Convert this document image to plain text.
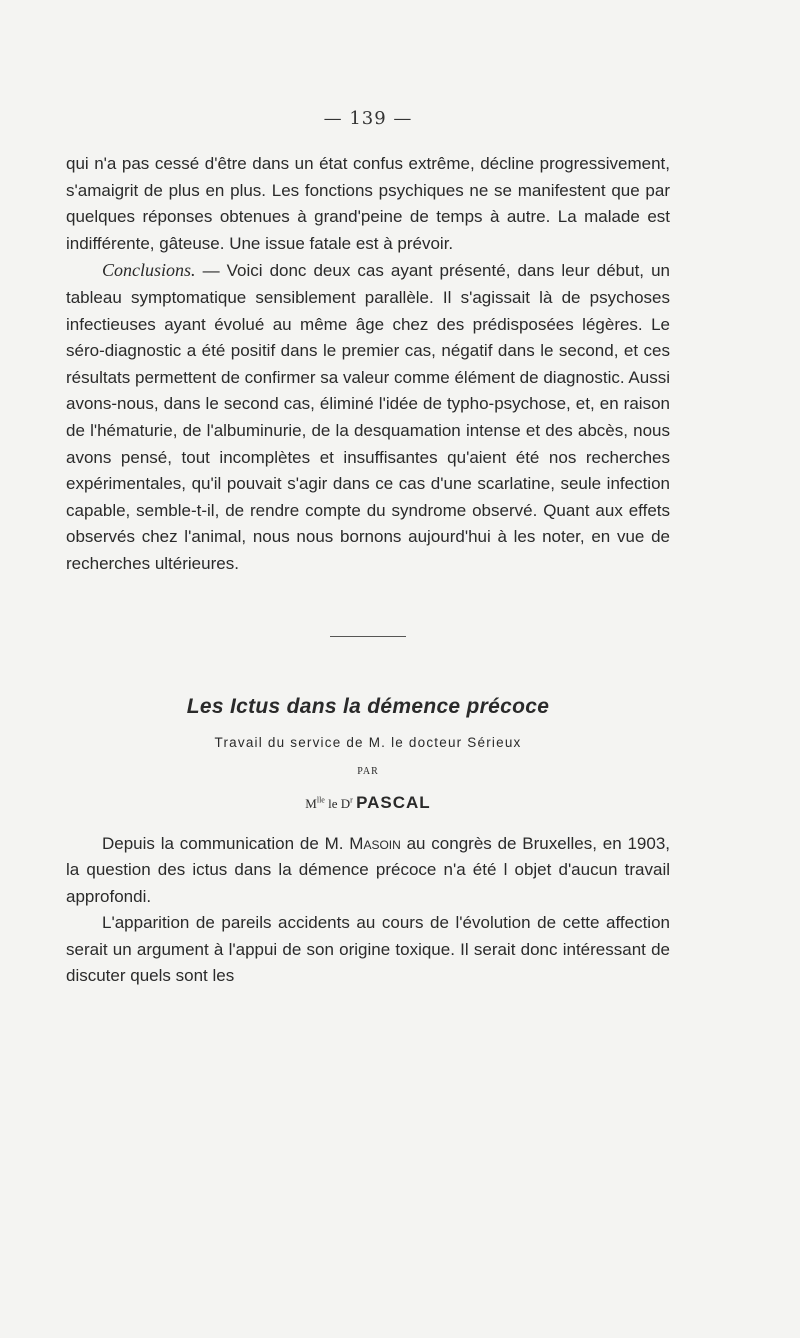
— 139 —

qui n'a pas cessé d'être dans un état confus extrême, décline progressivement, s'amaigrit de plus en plus. Les fonctions psychiques ne se manifestent que par quelques réponses obtenues à grand'peine de temps à autre. La malade est indifférente, gâteuse. Une issue fatale est à prévoir.

Conclusions. — Voici donc deux cas ayant présenté, dans leur début, un tableau symptomatique sensiblement parallèle. Il s'agissait là de psychoses infectieuses ayant évolué au même âge chez des prédisposées légères. Le séro-diagnostic a été positif dans le premier cas, négatif dans le second, et ces résultats permettent de confirmer sa valeur comme élément de diagnostic. Aussi avons-nous, dans le second cas, éliminé l'idée de typho-psychose, et, en raison de l'hématurie, de l'albuminurie, de la desquamation intense et des abcès, nous avons pensé, tout incomplètes et insuffisantes qu'aient été nos recherches expérimentales, qu'il pouvait s'agir dans ce cas d'une scarlatine, seule infection capable, semble-t-il, de rendre compte du syndrome observé. Quant aux effets observés chez l'animal, nous nous bornons aujourd'hui à les noter, en vue de recherches ultérieures.

Les Ictus dans la démence précoce
Travail du service de M. le docteur Sérieux
PAR
$M^{lle}$ le $D^r$ PASCAL

Depuis la communication de M. Masoin au congrès de Bruxelles, en 1903, la question des ictus dans la démence précoce n'a été l objet d'aucun travail approfondi.

L'apparition de pareils accidents au cours de l'évolution de cette affection serait un argument à l'appui de son origine toxique. Il serait donc intéressant de discuter quels sont les
